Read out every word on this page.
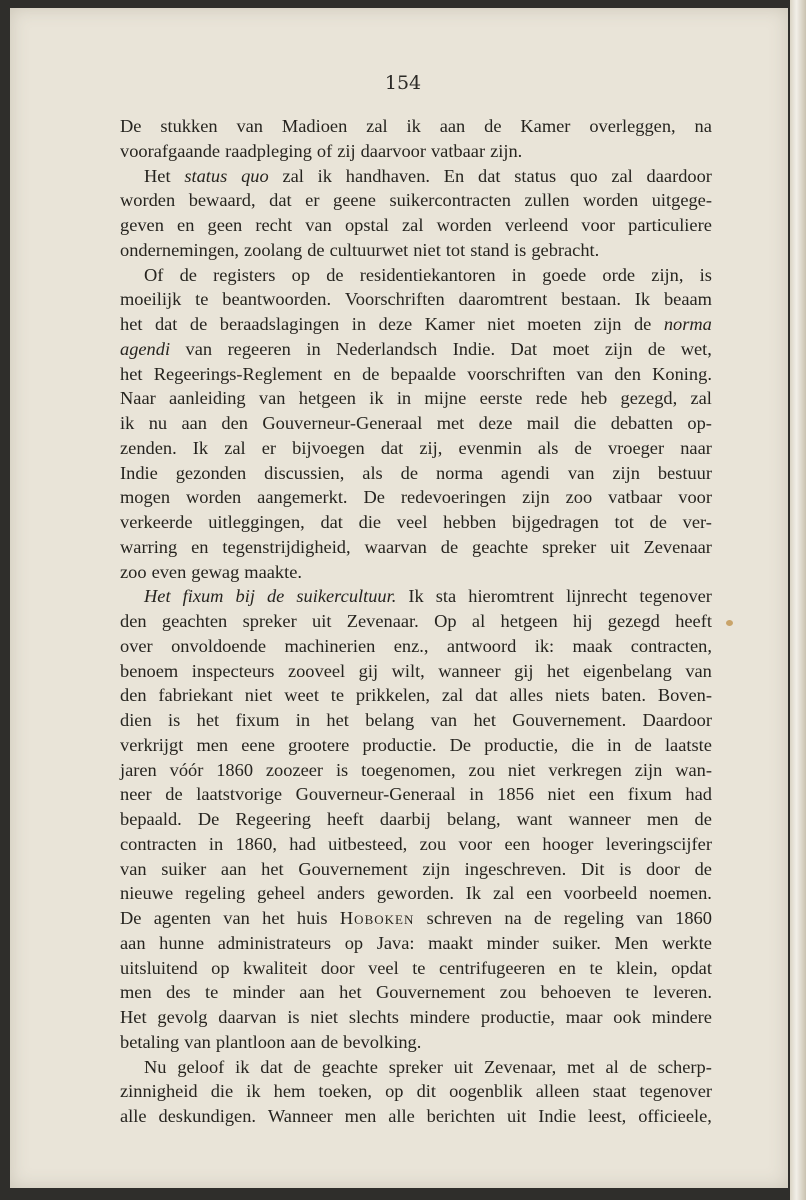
154
De stukken van Madioen zal ik aan de Kamer overleggen, na
voorafgaande raadpleging of zij daarvoor vatbaar zijn.
Het status quo zal ik handhaven. En dat status quo zal daardoor
worden bewaard, dat er geene suikercontracten zullen worden uitgege-
geven en geen recht van opstal zal worden verleend voor particuliere
ondernemingen, zoolang de cultuurwet niet tot stand is gebracht.
Of de registers op de residentiekantoren in goede orde zijn, is
moeilijk te beantwoorden. Voorschriften daaromtrent bestaan. Ik beaam
het dat de beraadslagingen in deze Kamer niet moeten zijn de norma
agendi van regeeren in Nederlandsch Indie. Dat moet zijn de wet,
het Regeerings-Reglement en de bepaalde voorschriften van den Koning.
Naar aanleiding van hetgeen ik in mijne eerste rede heb gezegd, zal
ik nu aan den Gouverneur-Generaal met deze mail die debatten op-
zenden. Ik zal er bijvoegen dat zij, evenmin als de vroeger naar
Indie gezonden discussien, als de norma agendi van zijn bestuur
mogen worden aangemerkt. De redevoeringen zijn zoo vatbaar voor
verkeerde uitleggingen, dat die veel hebben bijgedragen tot de ver-
warring en tegenstrijdigheid, waarvan de geachte spreker uit Zevenaar
zoo even gewag maakte.
Het fixum bij de suikercultuur. Ik sta hieromtrent lijnrecht tegenover
den geachten spreker uit Zevenaar. Op al hetgeen hij gezegd heeft
over onvoldoende machinerien enz., antwoord ik: maak contracten,
benoem inspecteurs zooveel gij wilt, wanneer gij het eigenbelang van
den fabriekant niet weet te prikkelen, zal dat alles niets baten. Boven-
dien is het fixum in het belang van het Gouvernement. Daardoor
verkrijgt men eene grootere productie. De productie, die in de laatste
jaren vóór 1860 zoozeer is toegenomen, zou niet verkregen zijn wan-
neer de laatstvorige Gouverneur-Generaal in 1856 niet een fixum had
bepaald. De Regeering heeft daarbij belang, want wanneer men de
contracten in 1860, had uitbesteed, zou voor een hooger leveringscijfer
van suiker aan het Gouvernement zijn ingeschreven. Dit is door de
nieuwe regeling geheel anders geworden. Ik zal een voorbeeld noemen.
De agenten van het huis Hoboken schreven na de regeling van 1860
aan hunne administrateurs op Java: maakt minder suiker. Men werkte
uitsluitend op kwaliteit door veel te centrifugeeren en te klein, opdat
men des te minder aan het Gouvernement zou behoeven te leveren.
Het gevolg daarvan is niet slechts mindere productie, maar ook mindere
betaling van plantloon aan de bevolking.
Nu geloof ik dat de geachte spreker uit Zevenaar, met al de scherp-
zinnigheid die ik hem toeken, op dit oogenblik alleen staat tegenover
alle deskundigen. Wanneer men alle berichten uit Indie leest, officieele,
